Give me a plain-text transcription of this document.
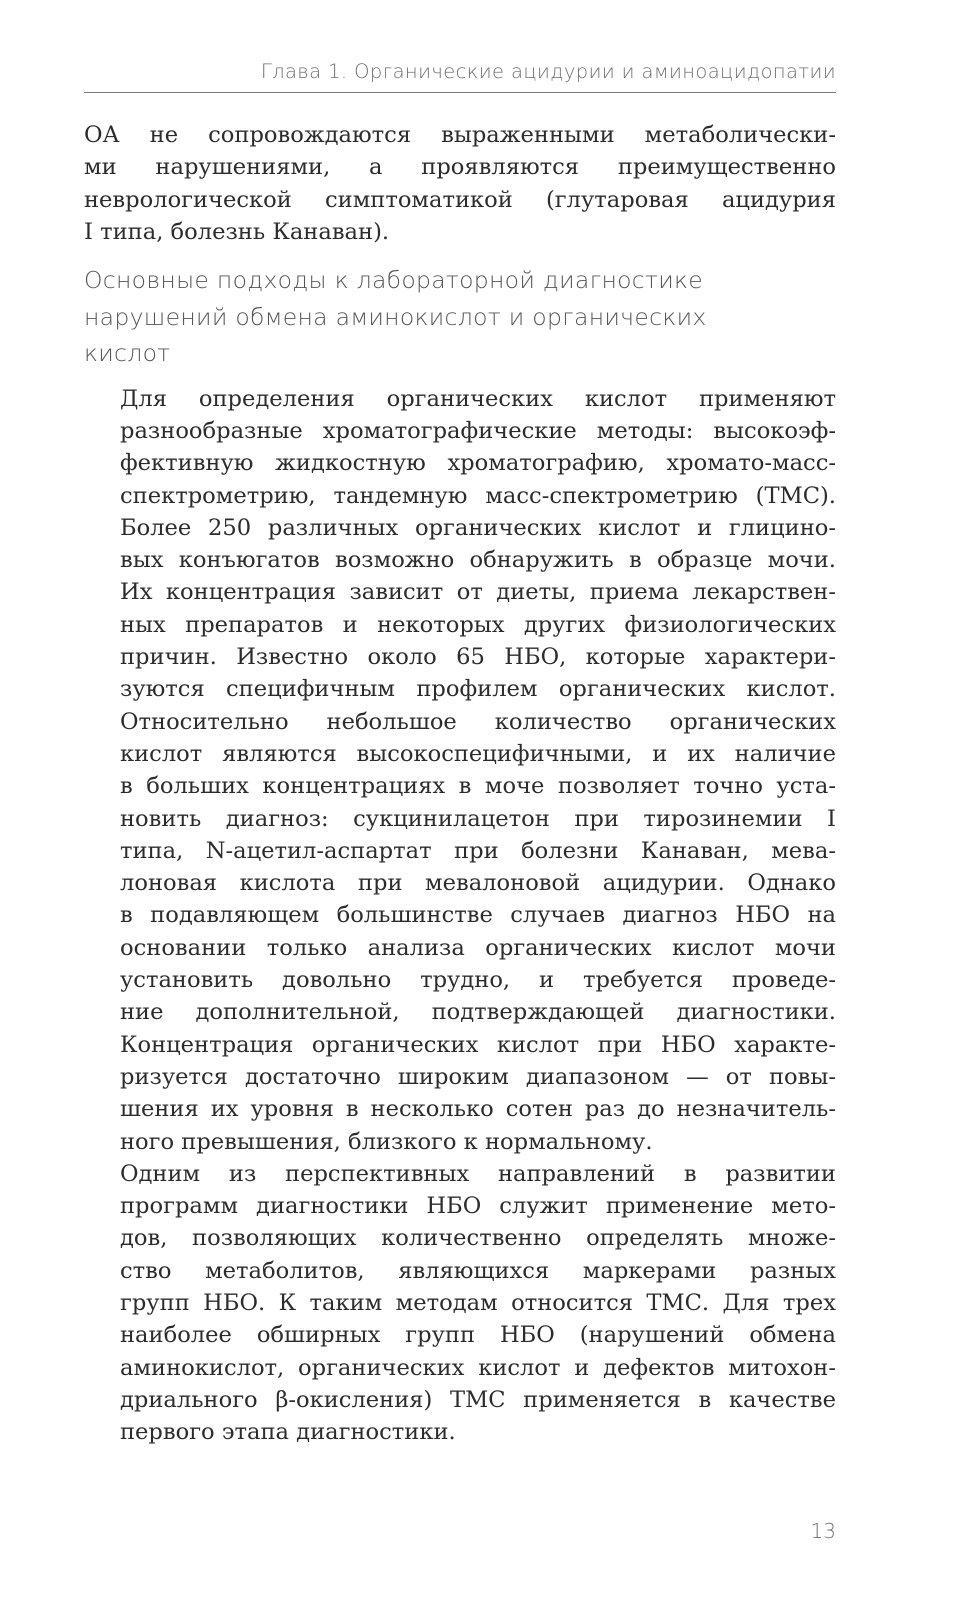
Глава 1. Органические ацидурии и аминоацидопатии

ОА не сопровождаются выраженными метаболически-
ми нарушениями, а проявляются преимущественно
неврологической симптоматикой (глутаровая ацидурия
I типа, болезнь Канаван).

Основные подходы к лабораторной диагностике
нарушений обмена аминокислот и органических
кислот

Для определения органических кислот применяют
разнообразные хроматографические методы: высокоэф-
фективную жидкостную хроматографию, хромато-масс-
спектрометрию, тандемную масс-спектрометрию (ТМС).
Более 250 различных органических кислот и глицино-
вых конъюгатов возможно обнаружить в образце мочи.
Их концентрация зависит от диеты, приема лекарствен-
ных препаратов и некоторых других физиологических
причин. Известно около 65 НБО, которые характери-
зуются специфичным профилем органических кислот.
Относительно небольшое количество органических
кислот являются высокоспецифичными, и их наличие
в больших концентрациях в моче позволяет точно уста-
новить диагноз: сукцинилацетон при тирозинемии I
типа, N-ацетил-аспартат при болезни Канаван, мева-
лоновая кислота при мевалоновой ацидурии. Однако
в подавляющем большинстве случаев диагноз НБО на
основании только анализа органических кислот мочи
установить довольно трудно, и требуется проведе-
ние дополнительной, подтверждающей диагностики.
Концентрация органических кислот при НБО характе-
ризуется достаточно широким диапазоном — от повы-
шения их уровня в несколько сотен раз до незначитель-
ного превышения, близкого к нормальному.

Одним из перспективных направлений в развитии
программ диагностики НБО служит применение мето-
дов, позволяющих количественно определять множе-
ство метаболитов, являющихся маркерами разных
групп НБО. К таким методам относится ТМС. Для трех
наиболее обширных групп НБО (нарушений обмена
аминокислот, органических кислот и дефектов митохон-
дриального β-окисления) ТМС применяется в качестве
первого этапа диагностики.

13
